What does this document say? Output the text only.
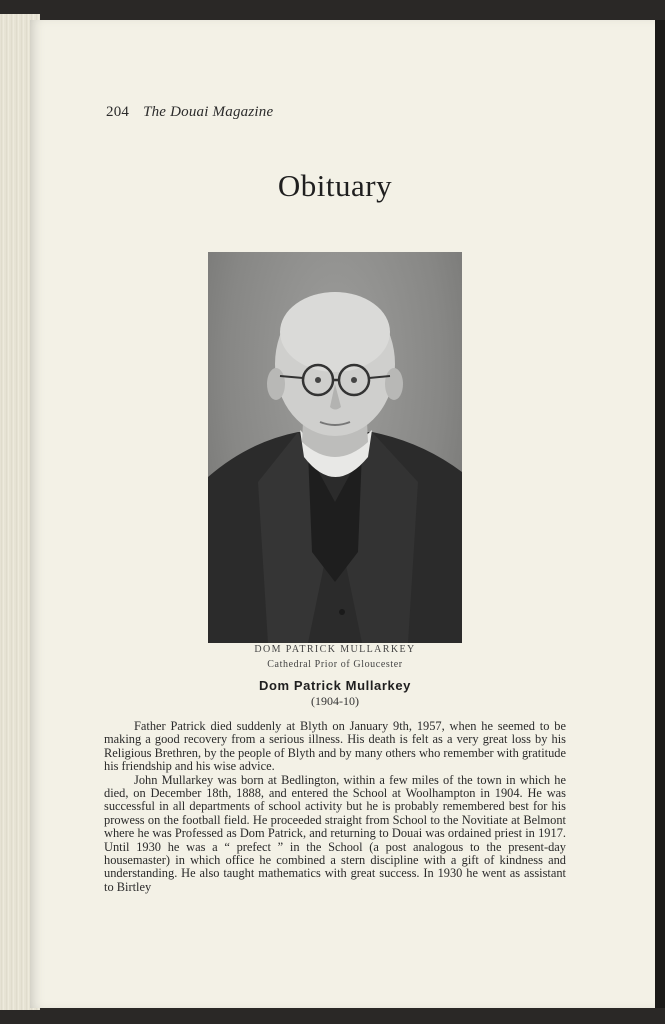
204 The Douai Magazine
Obituary
DOM PATRICK MULLARKEY
Cathedral Prior of Gloucester
Dom Patrick Mullarkey
(1904-10)

Father Patrick died suddenly at Blyth on January 9th, 1957, when he seemed to be making a good recovery from a serious illness. His death is felt as a very great loss by his Religious Brethren, by the people of Blyth and by many others who remember with gratitude his friendship and his wise advice.

John Mullarkey was born at Bedlington, within a few miles of the town in which he died, on December 18th, 1888, and entered the School at Woolhampton in 1904. He was successful in all departments of school activity but he is probably remembered best for his prowess on the football field. He proceeded straight from School to the Novitiate at Belmont where he was Professed as Dom Patrick, and returning to Douai was ordained priest in 1917. Until 1930 he was a “ prefect ” in the School (a post analogous to the present-day housemaster) in which office he combined a stern discipline with a gift of kindness and understanding. He also taught mathematics with great success. In 1930 he went as assistant to Birtley
